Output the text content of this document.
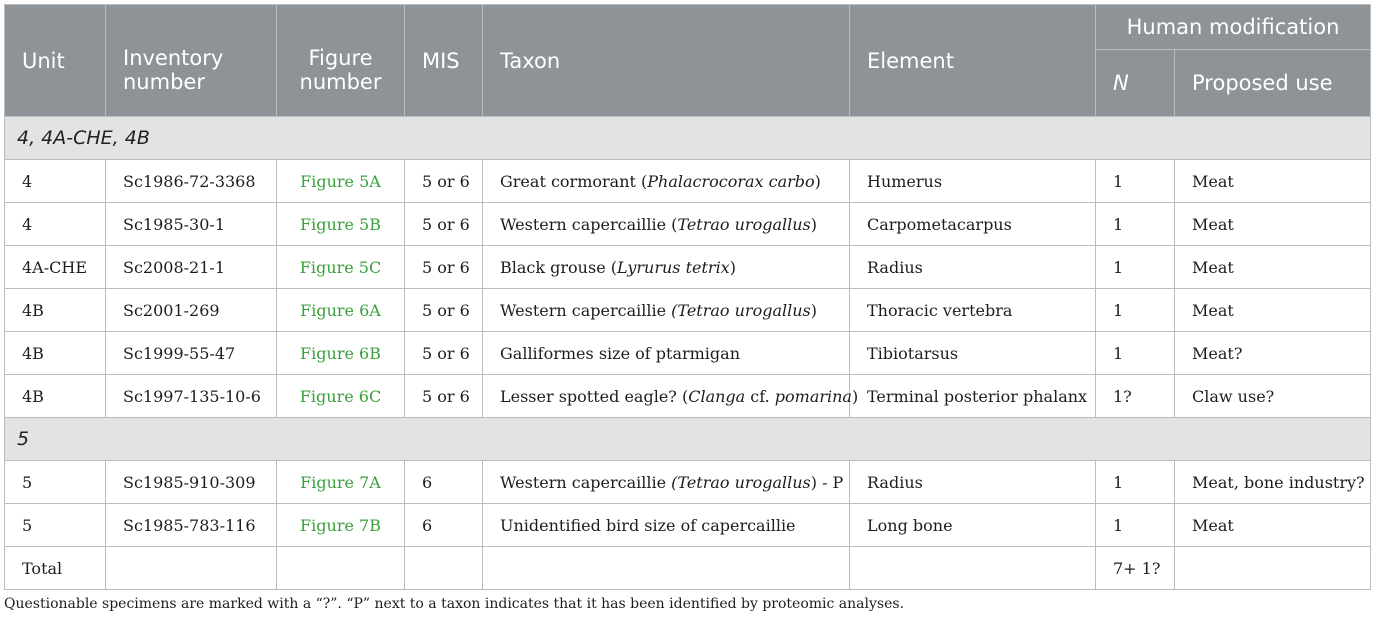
Unit	Inventory number	Figure number	MIS	Taxon	Element	Human modification	
						N	Proposed use
4, 4A-CHE, 4B							
4	Sc1986-72-3368	Figure 5A	5 or 6	Great cormorant (Phalacrocorax carbo)	Humerus	1	Meat
4	Sc1985-30-1	Figure 5B	5 or 6	Western capercaillie (Tetrao urogallus)	Carpometacarpus	1	Meat
4A-CHE	Sc2008-21-1	Figure 5C	5 or 6	Black grouse (Lyrurus tetrix)	Radius	1	Meat
4B	Sc2001-269	Figure 6A	5 or 6	Western capercaillie (Tetrao urogallus)	Thoracic vertebra	1	Meat
4B	Sc1999-55-47	Figure 6B	5 or 6	Galliformes size of ptarmigan	Tibiotarsus	1	Meat?
4B	Sc1997-135-10-6	Figure 6C	5 or 6	Lesser spotted eagle? (Clanga cf. pomarina)	Terminal posterior phalanx	1?	Claw use?
5							
5	Sc1985-910-309	Figure 7A	6	Western capercaillie (Tetrao urogallus) - P	Radius	1	Meat, bone industry?
5	Sc1985-783-116	Figure 7B	6	Unidentified bird size of capercaillie	Long bone	1	Meat
Total						7+ 1?	

Questionable specimens are marked with a “?”. “P” next to a taxon indicates that it has been identified by proteomic analyses.
